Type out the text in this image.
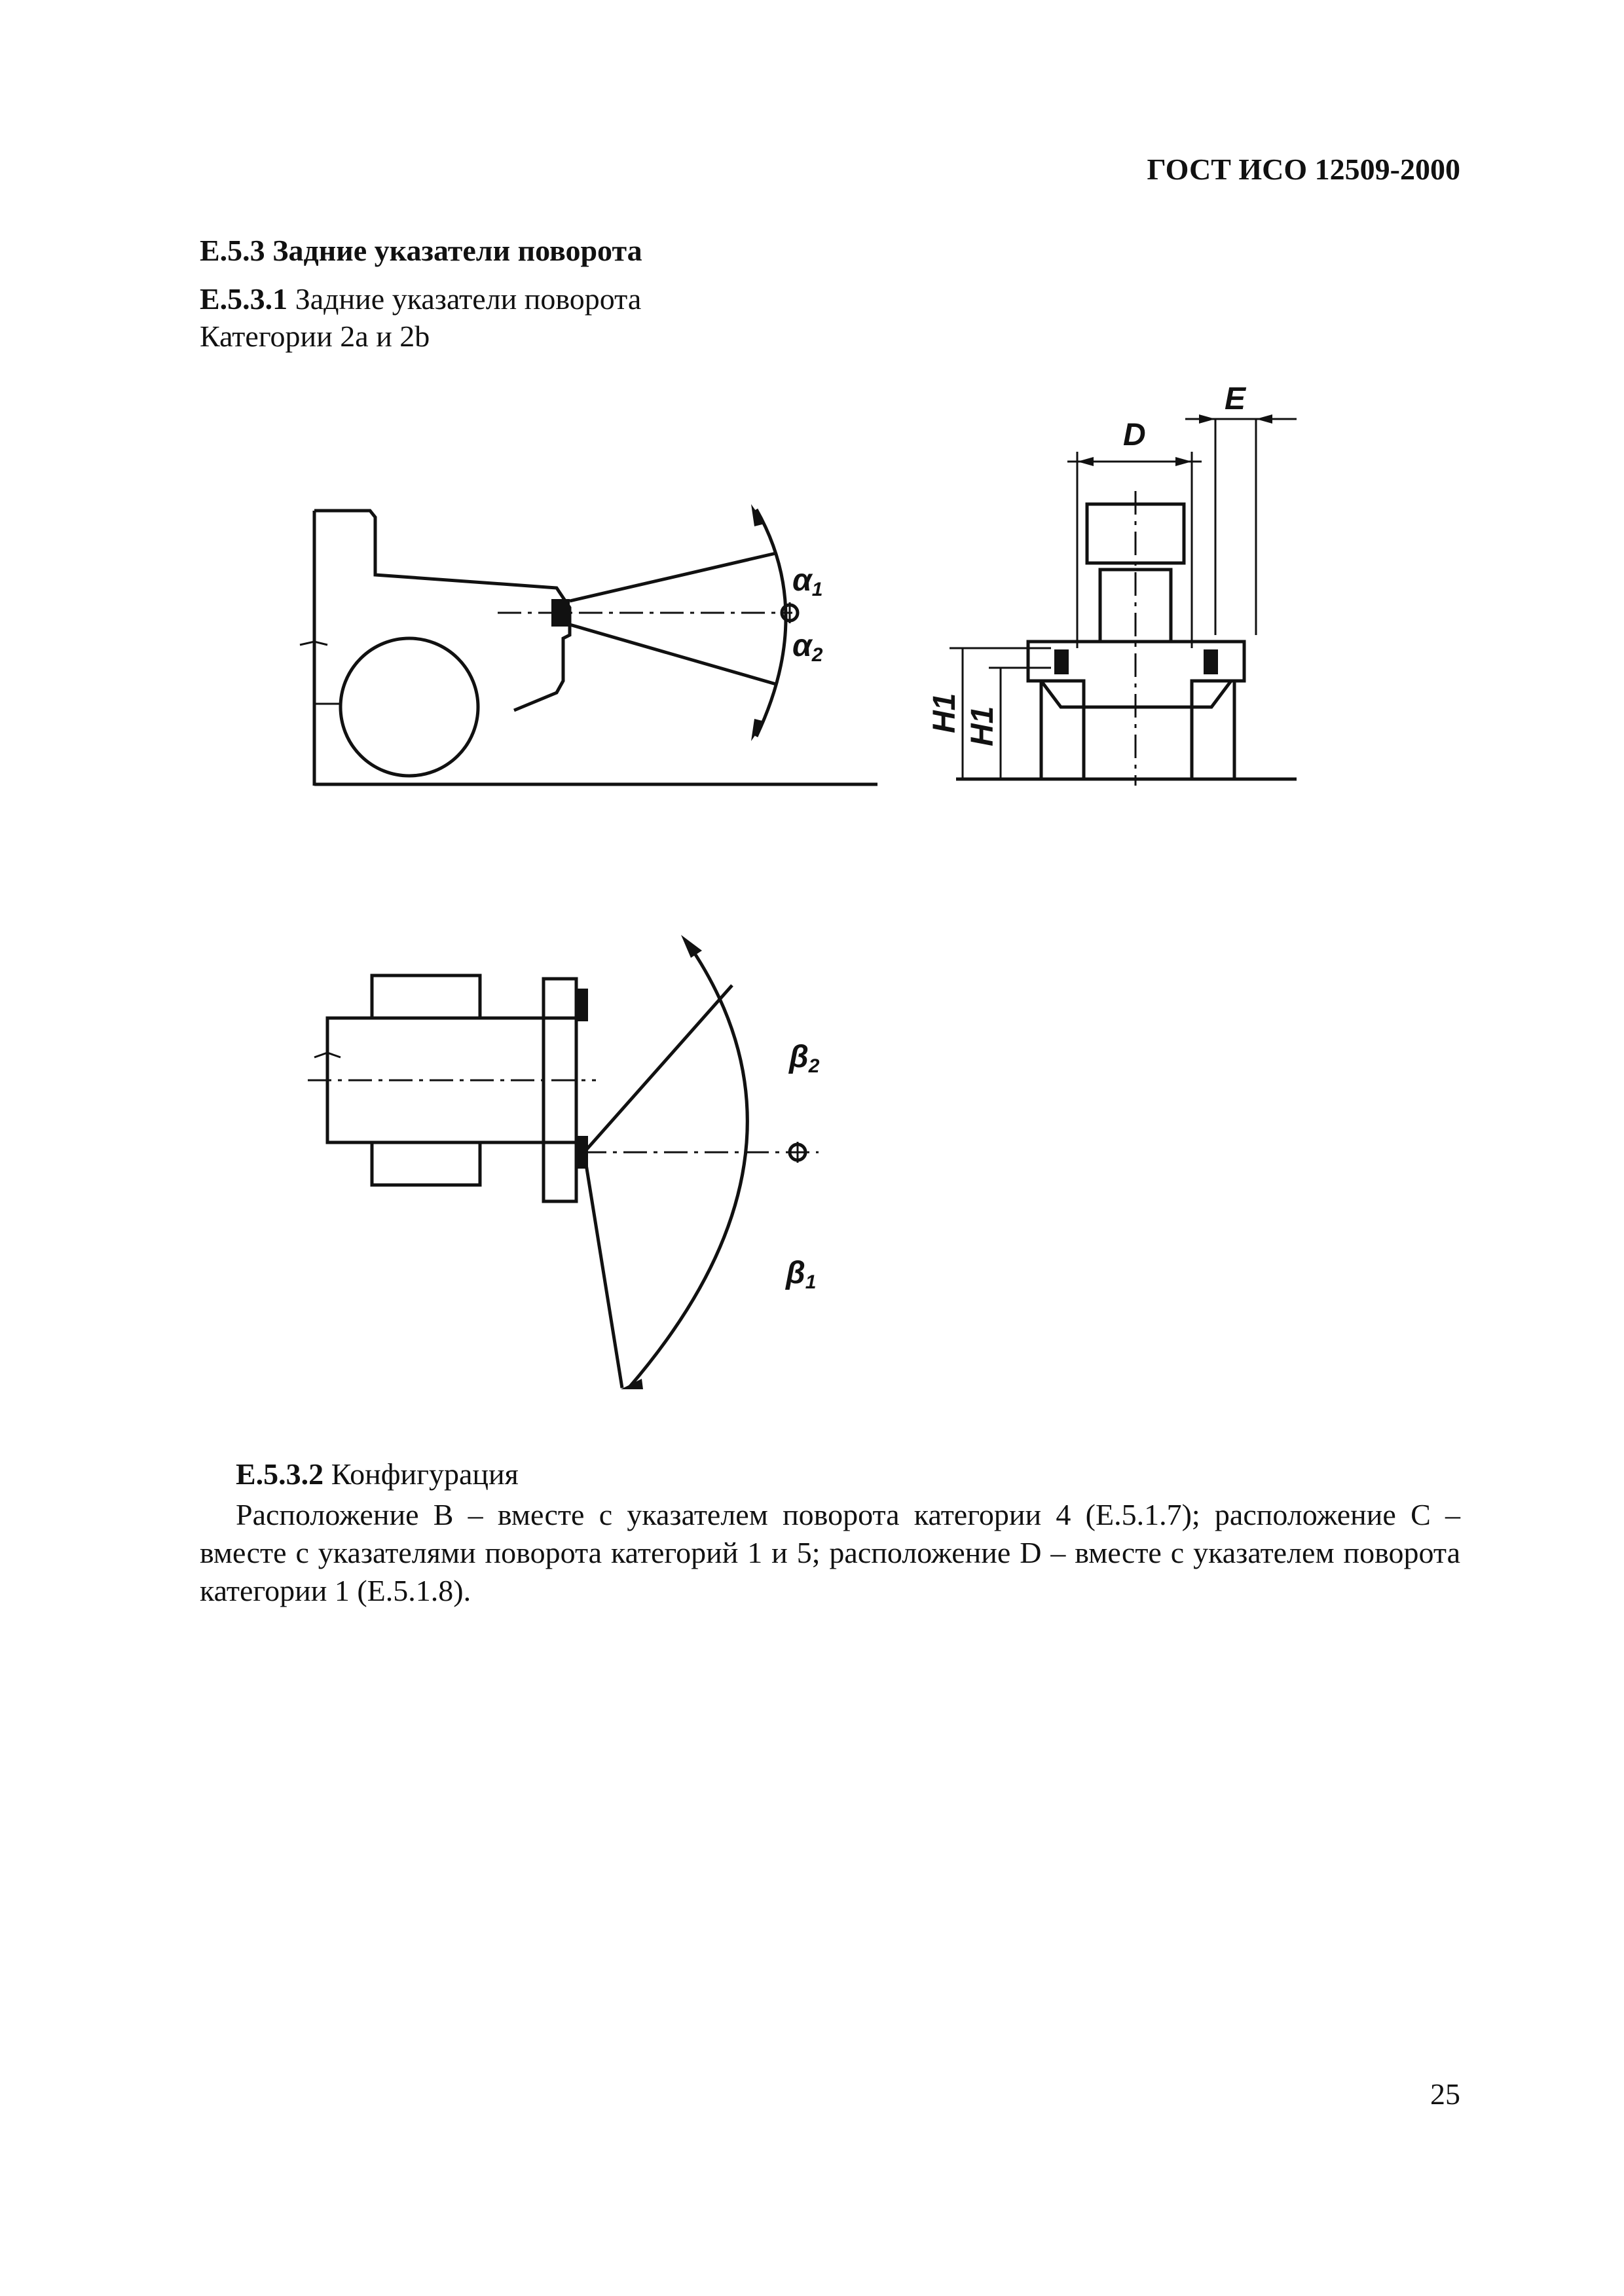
ГОСТ ИСО 12509-2000
Е.5.3 Задние указатели поворота
Е.5.3.1 Задние указатели поворота
Категории 2а и 2b
α1
α2
D
E
H1 H1
β2
β1
Е.5.3.2 Конфигурация

Расположение B – вместе с указателем поворота категории 4 (Е.5.1.7); расположение С – вместе с указателями поворота категорий 1 и 5; расположение D – вместе с указателем поворота категории 1 (Е.5.1.8).

25
